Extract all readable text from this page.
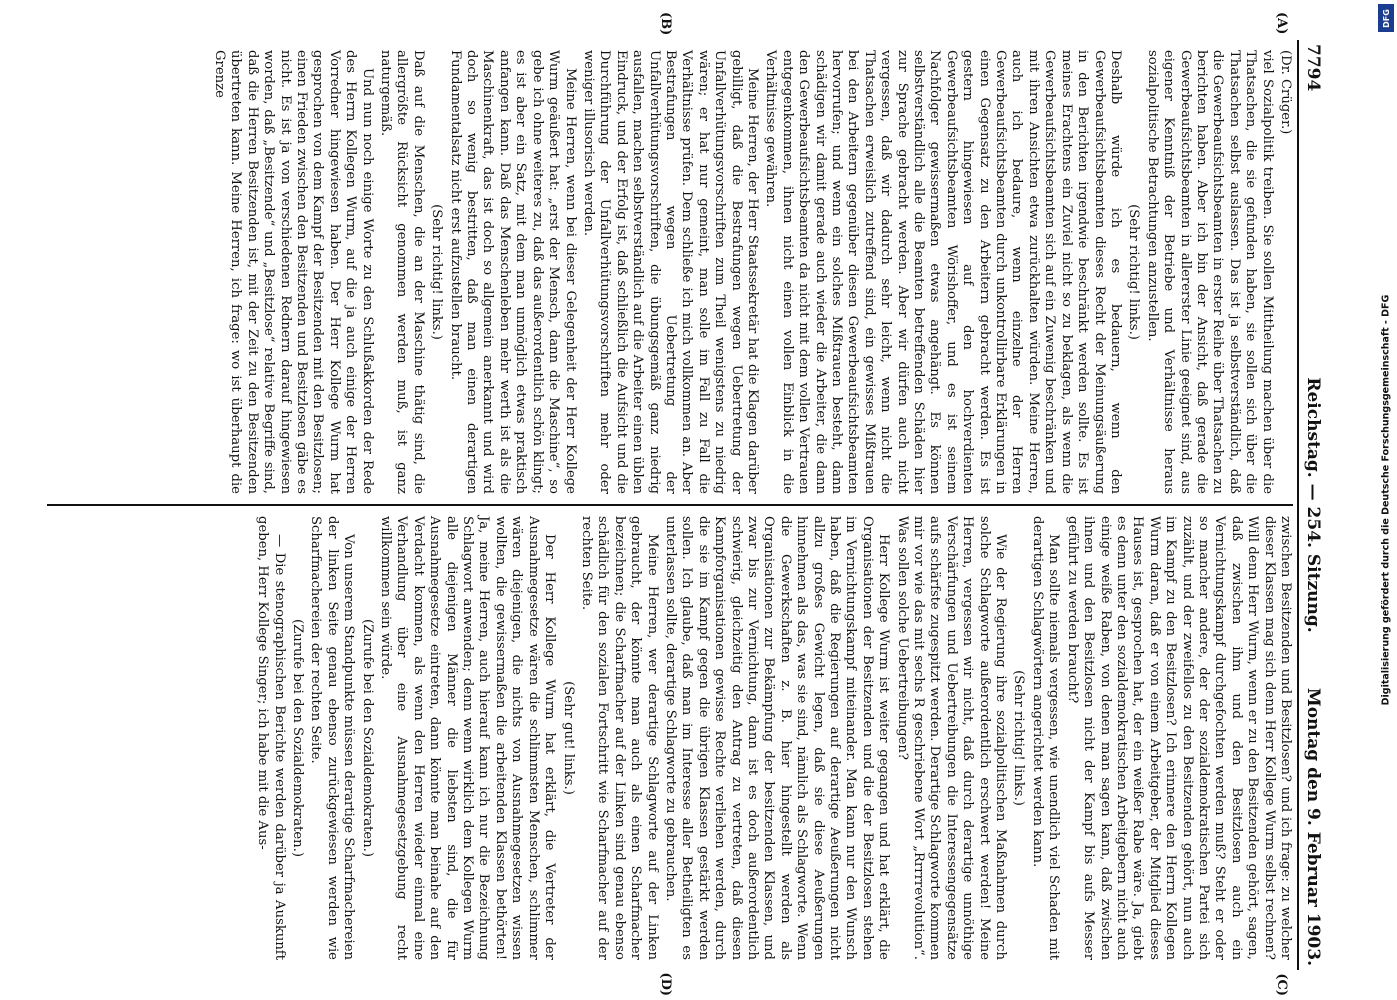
7794
Reichstag. — 254. Sitzung.
Montag den 9. Februar 1903.
(A)
(B)

(Dr. Crüger.)

viel Sozialpolitik treiben. Sie sollen Mittheilung machen über die Thatsachen, die sie gefunden haben, sie sollen sich über die Thatsachen selbst auslassen. Das ist ja selbstverständlich, daß die Gewerbeaufsichtsbeamten in erster Reihe über Thatsachen zu berichten haben. Aber ich bin der Ansicht, daß gerade die Gewerbeaufsichtsbeamten in allererster Linie geeignet sind, aus eigener Kenntniß der Betriebe und Verhältnisse heraus sozialpolitische Betrachtungen anzustellen.

(Sehr richtig! links.)

Deshalb würde ich es bedauern, wenn den Gewerbeaufsichtsbeamten dieses Recht der Meinungsäußerung in den Berichten irgendwie beschränkt werden sollte. Es ist meines Erachtens ein Zuviel nicht so zu beklagen, als wenn die Gewerbeaufsichtsbeamten sich auf ein Zuwenig beschränken und mit ihren Ansichten etwa zurückhalten würden. Meine Herren, auch ich bedaure, wenn einzelne der Herren Gewerbeaufsichtsbeamten durch unkontrollirbare Erklärungen in einen Gegensatz zu den Arbeitern gebracht werden. Es ist gestern hingewiesen auf den hochverdienten Gewerbeaufsichtsbeamten Wörishoffer, und es ist seinem Nachfolger gewissermaßen etwas angehängt. Es können selbstverständlich alle die Beamten betreffenden Schäden hier zur Sprache gebracht werden. Aber wir dürfen auch nicht vergessen, daß wir dadurch sehr leicht, wenn nicht die Thatsachen erweislich zutreffend sind, ein gewisses Mißtrauen bei den Arbeitern gegenüber diesen Gewerbeaufsichtsbeamten hervorrufen; und wenn ein solches Mißtrauen besteht, dann schädigen wir damit gerade auch wieder die Arbeiter, die dann den Gewerbeaufsichtsbeamten da nicht mit dem vollen Vertrauen entgegenkommen, ihnen nicht einen vollen Einblick in die Verhältnisse gewähren.

Meine Herren, der Herr Staatssekretär hat die Klagen darüber gebilligt, daß die Bestrafungen wegen Uebertretung der Unfallverhütungsvorschriften zum Theil wenigstens zu niedrig wären; er hat nur gemeint, man solle im Fall zu Fall die Verhältnisse prüfen. Dem schließe ich mich vollkommen an. Aber Bestrafungen wegen Uebertretung der Unfallverhütungsvorschriften, die übungsgemäß ganz niedrig ausfallen, machen selbstverständlich auf die Arbeiter einen üblen Eindruck, und der Erfolg ist, daß schließlich die Aufsicht und die Durchführung der Unfallverhütungsvorschriften mehr oder weniger illusorisch werden.

Meine Herren, wenn bei dieser Gelegenheit der Herr Kollege Wurm geäußert hat: „erst der Mensch, dann die Maschine“, so gebe ich ohne weiteres zu, daß das außerordentlich schön klingt; es ist aber ein Satz, mit dem man unmöglich etwas praktisch anfangen kann. Daß das Menschenleben mehr werth ist als die Maschinenkraft, das ist doch so allgemein anerkannt und wird doch so wenig bestritten, daß man einen derartigen Fundamentalsatz nicht erst aufzustellen braucht.

(Sehr richtig! links.)

Daß auf die Menschen, die an der Maschine thätig sind, die allergrößte Rücksicht genommen werden muß, ist ganz naturgemäß.

Und nun noch einige Worte zu den Schlußakkorden der Rede des Herrn Kollegen Wurm, auf die ja auch einige der Herren Vorredner hingewiesen haben. Der Herr Kollege Wurm hat gesprochen von dem Kampf der Besitzenden mit den Besitzlosen; einen Frieden zwischen den Besitzenden und Besitzlosen gäbe es nicht. Es ist ja von verschiedenen Rednern darauf hingewiesen worden, daß „Besitzende“ und „Besitzlose“ relative Begriffe sind, daß die Herren Besitzenden ist, mit der Zeit zu den Besitzenden übertreten kann. Meine Herren, ich frage: wo ist überhaupt die Grenze

(C)
(D)

zwischen Besitzenden und Besitzlosen? und ich frage: zu welcher dieser Klassen mag sich denn Herr Kollege Wurm selbst rechnen? Will denn Herr Wurm, wenn er zu den Besitzenden gehört, sagen, daß zwischen ihm und den Besitzlosen auch ein Vernichtungskampf durchgefochten werden muß? Steht er oder so mancher andere, der der sozialdemokratischen Partei sich zuzählt, und der zweifellos zu den Besitzenden gehört, nun auch im Kampf zu den Besitzlosen? Ich erinnere den Herrn Kollegen Wurm daran, daß er von einem Arbeitgeber, der Mitglied dieses Hauses ist, gesprochen hat, der ein weißer Rabe wäre. Ja, giebt es denn unter den sozialdemokratischen Arbeitgebern nicht auch einige weiße Raben, von denen man sagen kann, daß zwischen ihnen und den Besitzlosen nicht der Kampf bis aufs Messer geführt zu werden braucht?

Man sollte niemals vergessen, wie unendlich viel Schaden mit derartigen Schlagwörtern angerichtet werden kann.

(Sehr richtig! links.)

Wie der Regierung ihre sozialpolitischen Maßnahmen durch solche Schlagworte außerordentlich erschwert werden! Meine Herren, vergessen wir nicht, daß durch derartige unnöthige Verschärfungen und Uebertreibungen die Interessengegensätze aufs schärfste zugespitzt werden. Derartige Schlagworte kommen mir vor wie das mit sechs R geschriebene Wort „Rrrrrevolution“. Was sollen solche Uebertreibungen?

Herr Kollege Wurm ist weiter gegangen und hat erklärt, die Organisationen der Besitzenden und die der Besitzlosen stehen im Vernichtungskampf miteinander. Man kann nur den Wunsch haben, daß die Regierungen auf derartige Aeußerungen nicht allzu großes Gewicht legen, daß sie diese Aeußerungen hinnehmen als das, was sie sind, nämlich als Schlagworte. Wenn die Gewerkschaften z. B. hier hingestellt werden als Organisationen zur Bekämpfung der besitzenden Klassen, und zwar bis zur Vernichtung, dann ist es doch außerordentlich schwierig, gleichzeitig den Antrag zu vertreten, daß diesen Kampforganisationen gewisse Rechte verliehen werden, durch die sie im Kampf gegen die übrigen Klassen gestärkt werden sollen. Ich glaube, daß man im Interesse aller Betheiligten es unterlassen sollte, derartige Schlagworte zu gebrauchen.

Meine Herren, wer derartige Schlagworte auf der Linken gebraucht, der könnte man auch als einen Scharfmacher bezeichnen; die Scharfmacher auf der Linken sind genau ebenso schädlich für den sozialen Fortschritt wie Scharfmacher auf der rechten Seite.

(Sehr gut! links.)

Der Herr Kollege Wurm hat erklärt, die Vertreter der Ausnahmegesetze wären die schlimmsten Menschen, schlimmer wären diejenigen, die nichts von Ausnahmegesetzen wissen wollten, die gewissermaßen die arbeitenden Klassen bethörten! Ja, meine Herren, auch hierauf kann ich nur die Bezeichnung Schlagwort anwenden; denn wenn wirklich dem Kollegen Wurm alle diejenigen Männer die liebsten sind, die für Ausnahmegesetze eintreten, dann könnte man beinahe auf den Verdacht kommen, als wenn den Herren wieder einmal eine Verhandlung über eine Ausnahmegesetzgebung recht willkommen sein würde.

(Zurufe bei den Sozialdemokraten.)

Von unserem Standpunkte müssen derartige Scharfmachereien der linken Seite genau ebenso zurückgewiesen werden wie Scharfmachereien der rechten Seite.

(Zurufe bei den Sozialdemokraten.)

— Die stenographischen Berichte werden darüber ja Auskunft geben, Herr Kollege Singer; ich habe mit die Aus-

DFG
Digitalisierung gefördert durch die Deutsche Forschungsgemeinschaft - DFG
